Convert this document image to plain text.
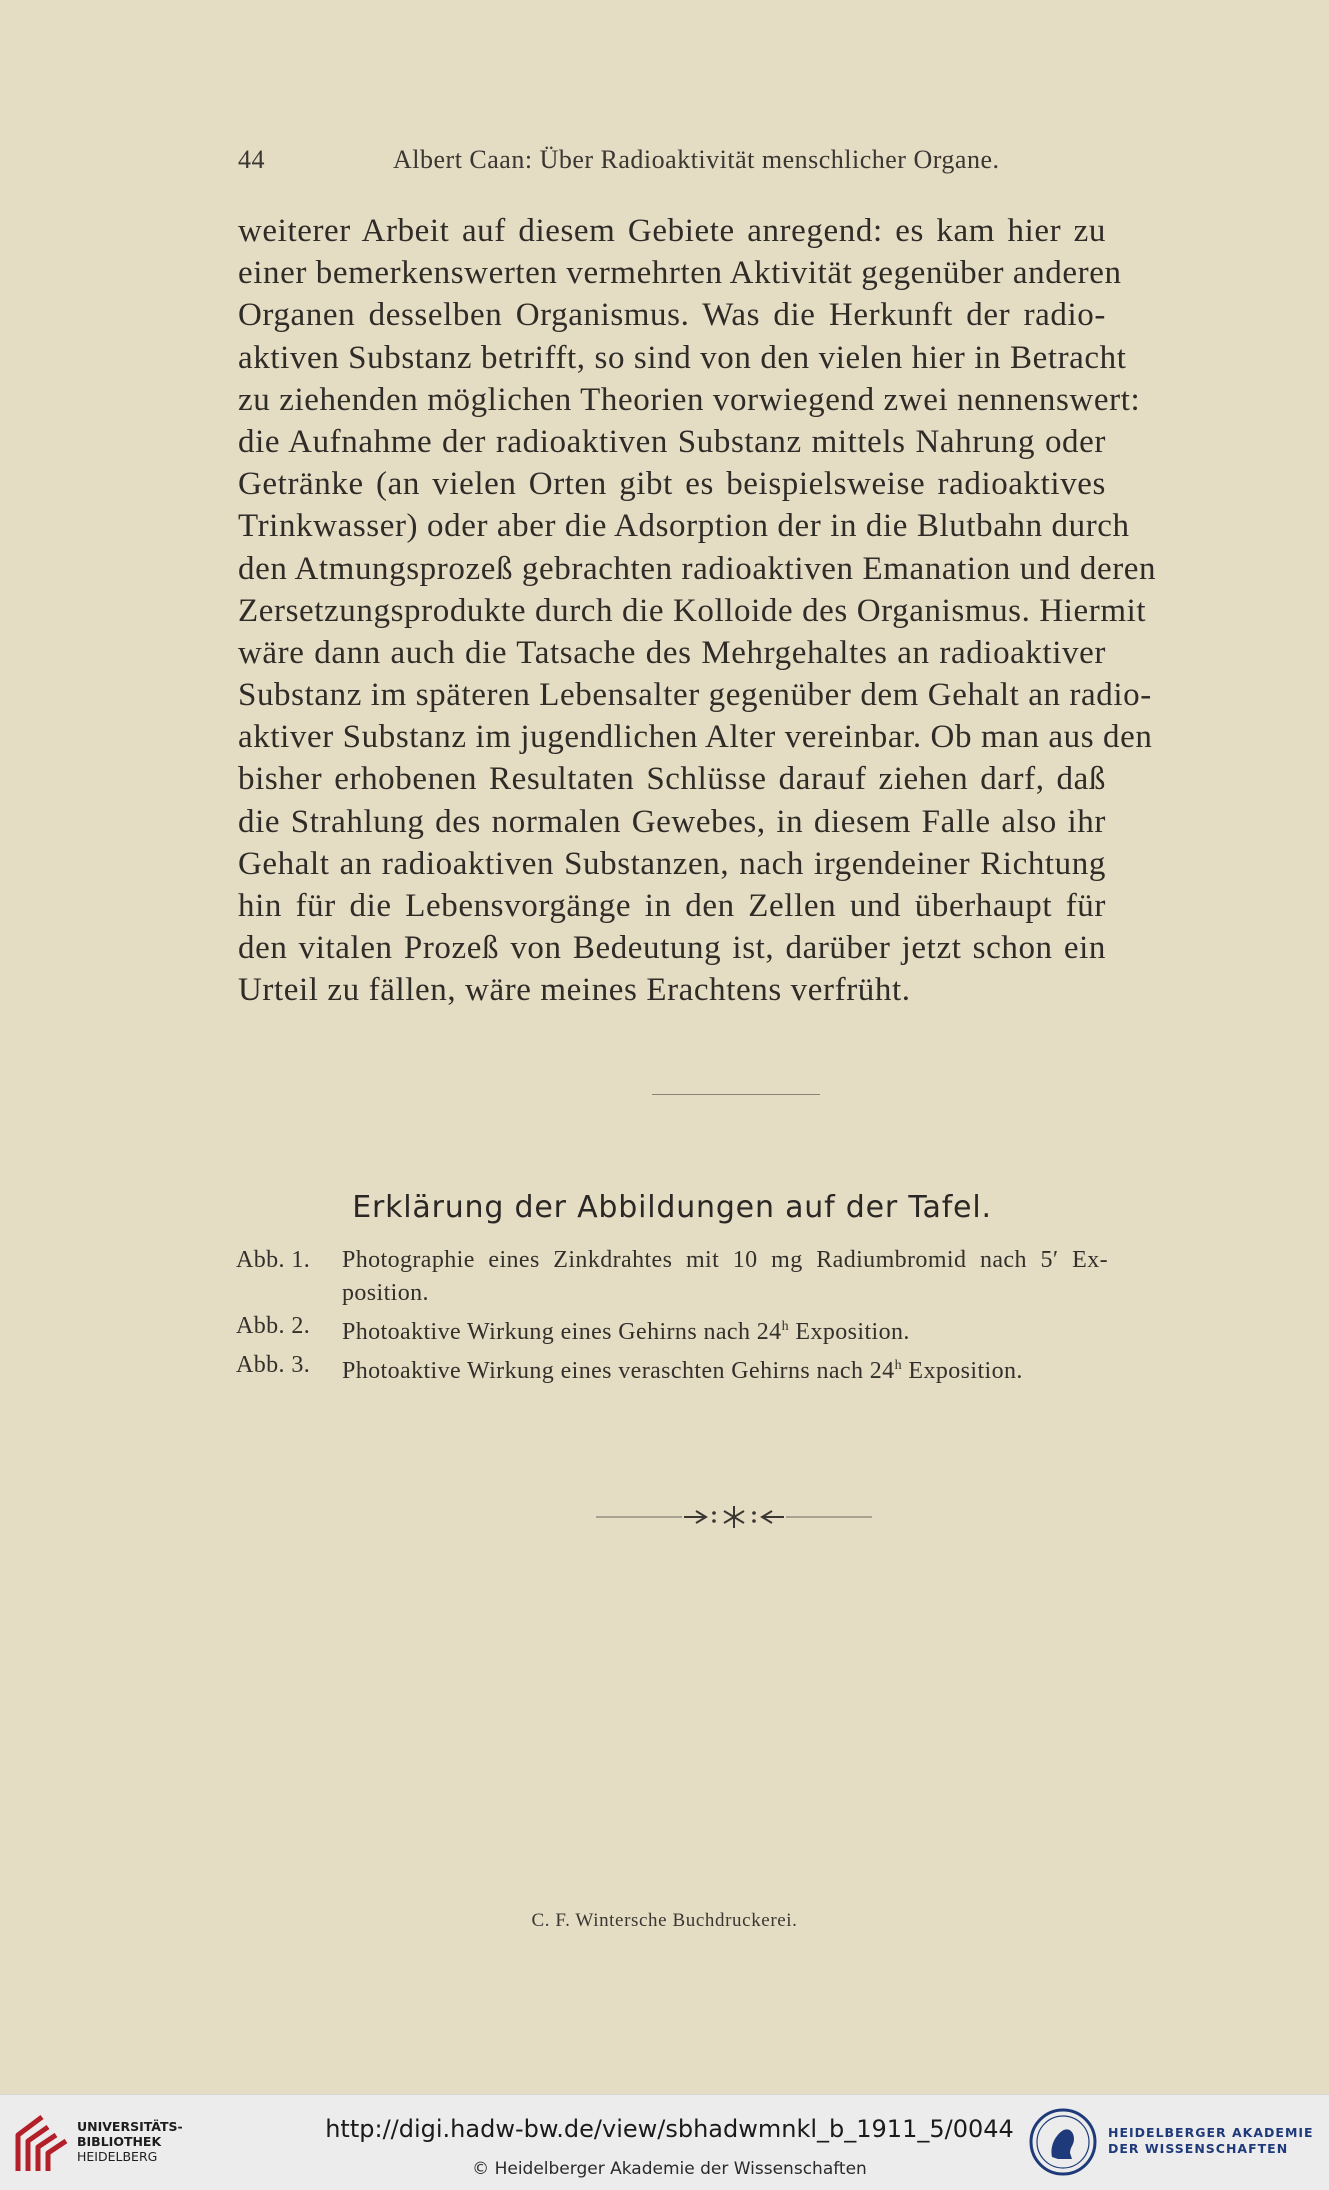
44	Albert Caan: Über Radioaktivität menschlicher Organe.
weiterer Arbeit auf diesem Gebiete anregend: es kam hier zu
einer bemerkenswerten vermehrten Aktivität gegenüber anderen
Organen desselben Organismus. Was die Herkunft der radio-
aktiven Substanz betrifft, so sind von den vielen hier in Betracht
zu ziehenden möglichen Theorien vorwiegend zwei nennenswert:
die Aufnahme der radioaktiven Substanz mittels Nahrung oder
Getränke (an vielen Orten gibt es beispielsweise radioaktives
Trinkwasser) oder aber die Adsorption der in die Blutbahn durch
den Atmungsprozeß gebrachten radioaktiven Emanation und deren
Zersetzungsprodukte durch die Kolloide des Organismus. Hiermit
wäre dann auch die Tatsache des Mehrgehaltes an radioaktiver
Substanz im späteren Lebensalter gegenüber dem Gehalt an radio-
aktiver Substanz im jugendlichen Alter vereinbar. Ob man aus den
bisher erhobenen Resultaten Schlüsse darauf ziehen darf, daß
die Strahlung des normalen Gewebes, in diesem Falle also ihr
Gehalt an radioaktiven Substanzen, nach irgendeiner Richtung
hin für die Lebensvorgänge in den Zellen und überhaupt für
den vitalen Prozeß von Bedeutung ist, darüber jetzt schon ein
Urteil zu fällen, wäre meines Erachtens verfrüht.
Erklärung der Abbildungen auf der Tafel.
Abb. 1. Photographie eines Zinkdrahtes mit 10 mg Radiumbromid nach 5′ Ex-
position.
Abb. 2. Photoaktive Wirkung eines Gehirns nach 24$^h$ Exposition.
Abb. 3. Photoaktive Wirkung eines veraschten Gehirns nach 24$^h$ Exposition.
C. F. Wintersche Buchdruckerei.
UNIVERSITÄTS-
BIBLIOTHEK
HEIDELBERG
http://digi.hadw-bw.de/view/sbhadwmnkl_b_1911_5/0044
© Heidelberger Akademie der Wissenschaften
HEIDELBERGER AKADEMIE
DER WISSENSCHAFTEN
